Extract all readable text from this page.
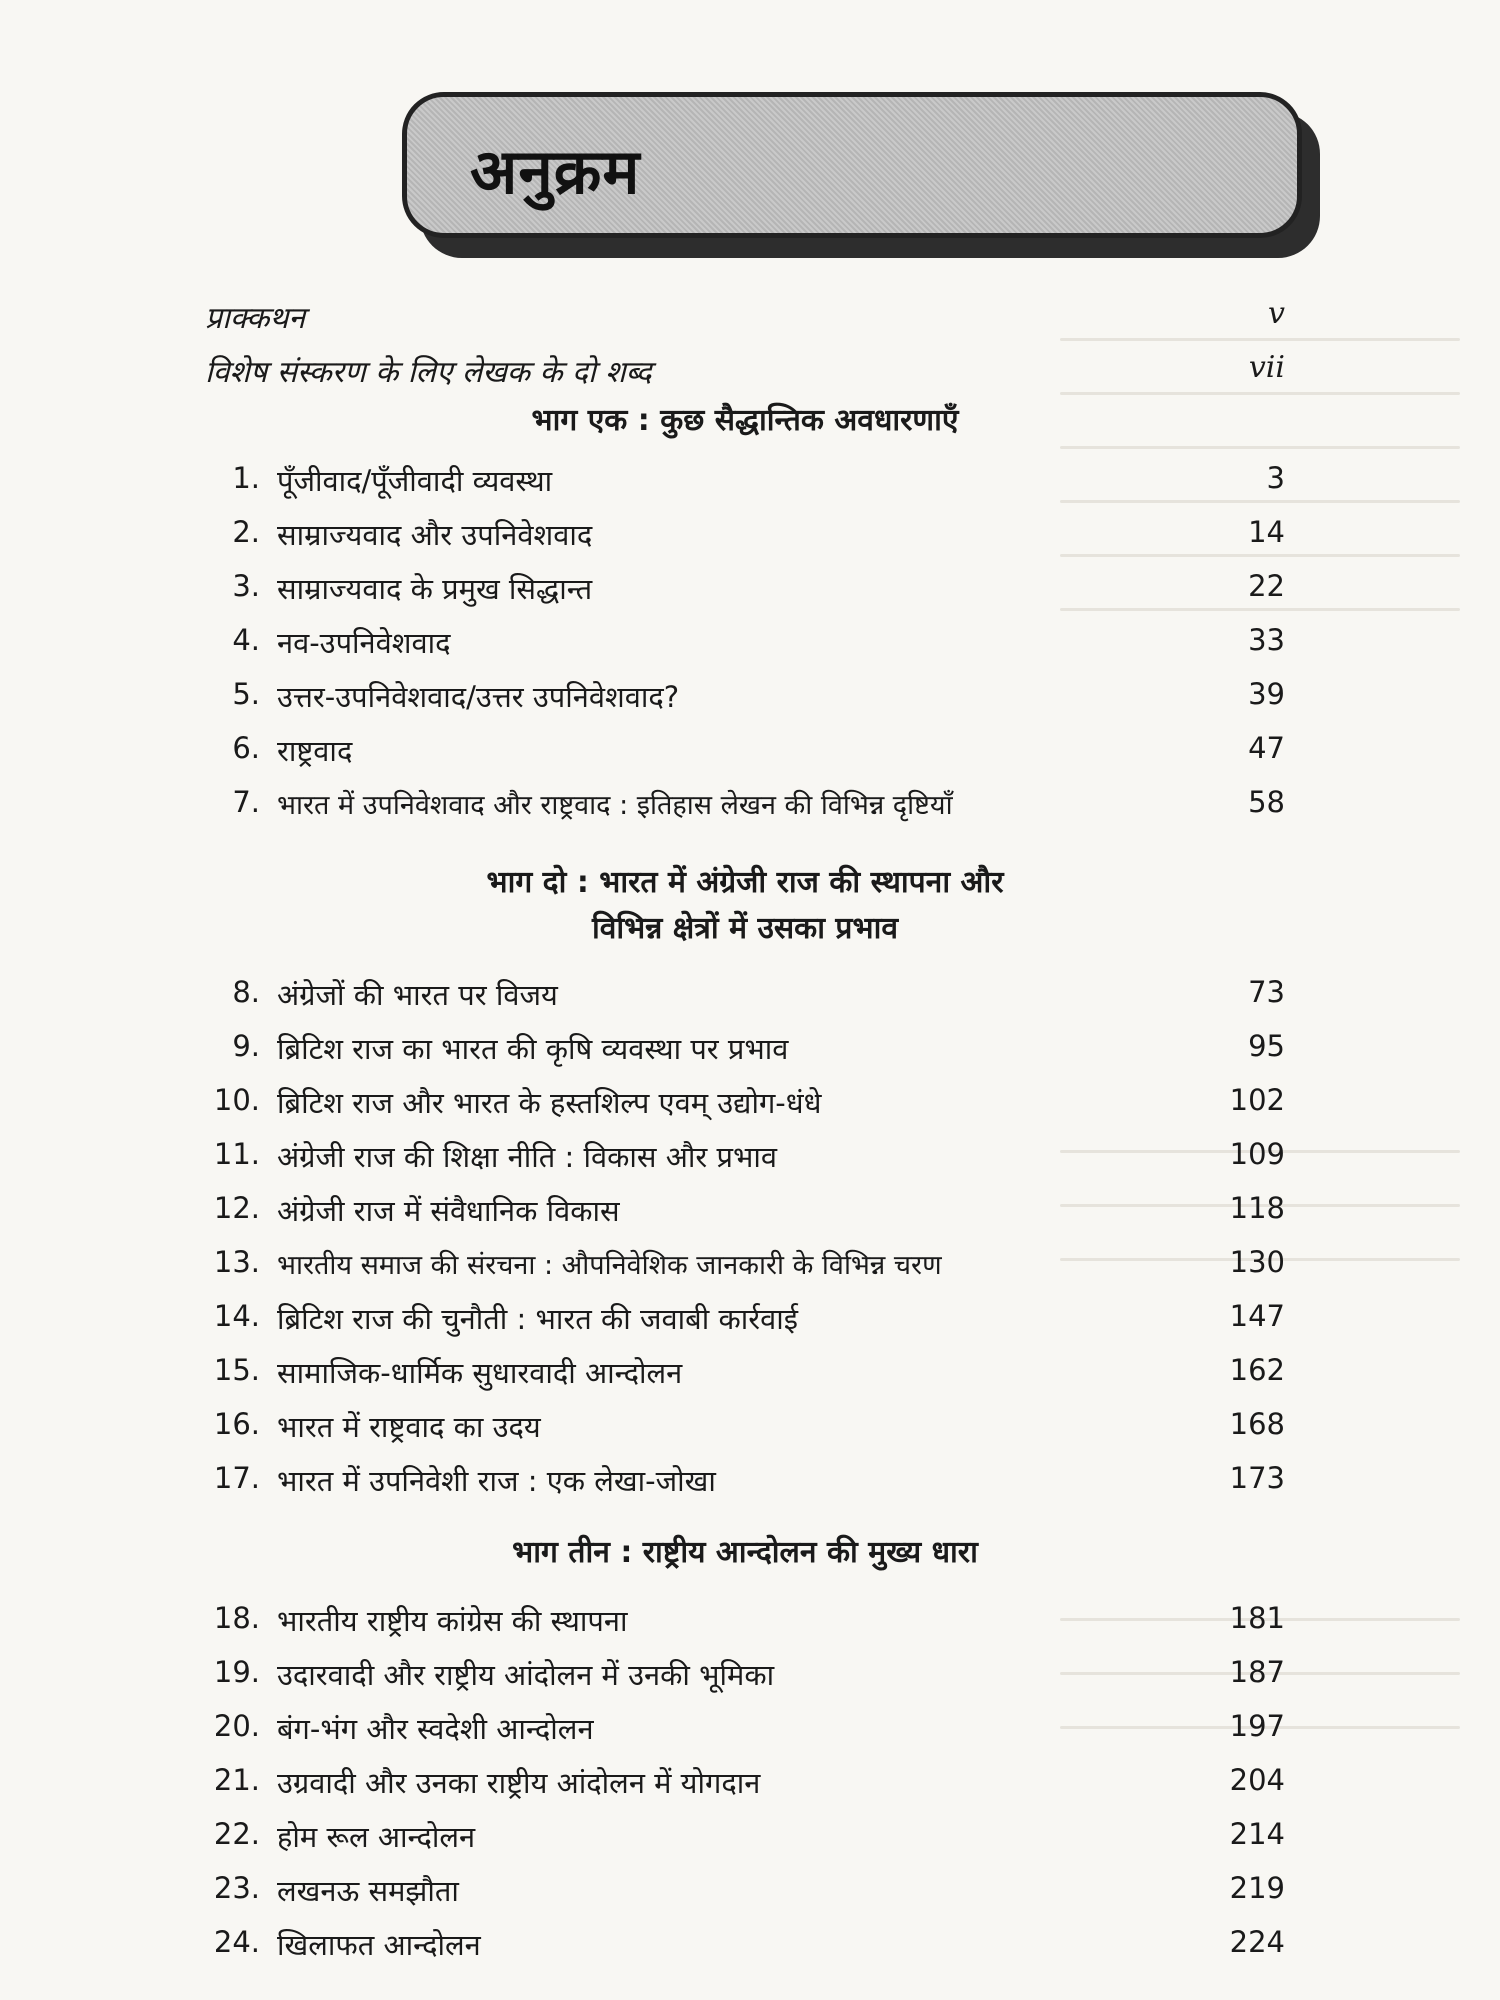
अनुक्रम
प्राक्कथन	v
विशेष संस्करण के लिए लेखक के दो शब्द	vii
भाग एक : कुछ सैद्धान्तिक अवधारणाएँ
1. पूँजीवाद/पूँजीवादी व्यवस्था	3
2. साम्राज्यवाद और उपनिवेशवाद	14
3. साम्राज्यवाद के प्रमुख सिद्धान्त	22
4. नव-उपनिवेशवाद	33
5. उत्तर-उपनिवेशवाद/उत्तर उपनिवेशवाद?	39
6. राष्ट्रवाद	47
7. भारत में उपनिवेशवाद और राष्ट्रवाद : इतिहास लेखन की विभिन्न दृष्टियाँ	58
भाग दो : भारत में अंग्रेजी राज की स्थापना और
विभिन्न क्षेत्रों में उसका प्रभाव
8. अंग्रेजों की भारत पर विजय	73
9. ब्रिटिश राज का भारत की कृषि व्यवस्था पर प्रभाव	95
10. ब्रिटिश राज और भारत के हस्तशिल्प एवम् उद्योग-धंधे	102
11. अंग्रेजी राज की शिक्षा नीति : विकास और प्रभाव	109
12. अंग्रेजी राज में संवैधानिक विकास	118
13. भारतीय समाज की संरचना : औपनिवेशिक जानकारी के विभिन्न चरण	130
14. ब्रिटिश राज की चुनौती : भारत की जवाबी कार्रवाई	147
15. सामाजिक-धार्मिक सुधारवादी आन्दोलन	162
16. भारत में राष्ट्रवाद का उदय	168
17. भारत में उपनिवेशी राज : एक लेखा-जोखा	173
भाग तीन : राष्ट्रीय आन्दोलन की मुख्य धारा
18. भारतीय राष्ट्रीय कांग्रेस की स्थापना	181
19. उदारवादी और राष्ट्रीय आंदोलन में उनकी भूमिका	187
20. बंग-भंग और स्वदेशी आन्दोलन	197
21. उग्रवादी और उनका राष्ट्रीय आंदोलन में योगदान	204
22. होम रूल आन्दोलन	214
23. लखनऊ समझौता	219
24. खिलाफत आन्दोलन	224
